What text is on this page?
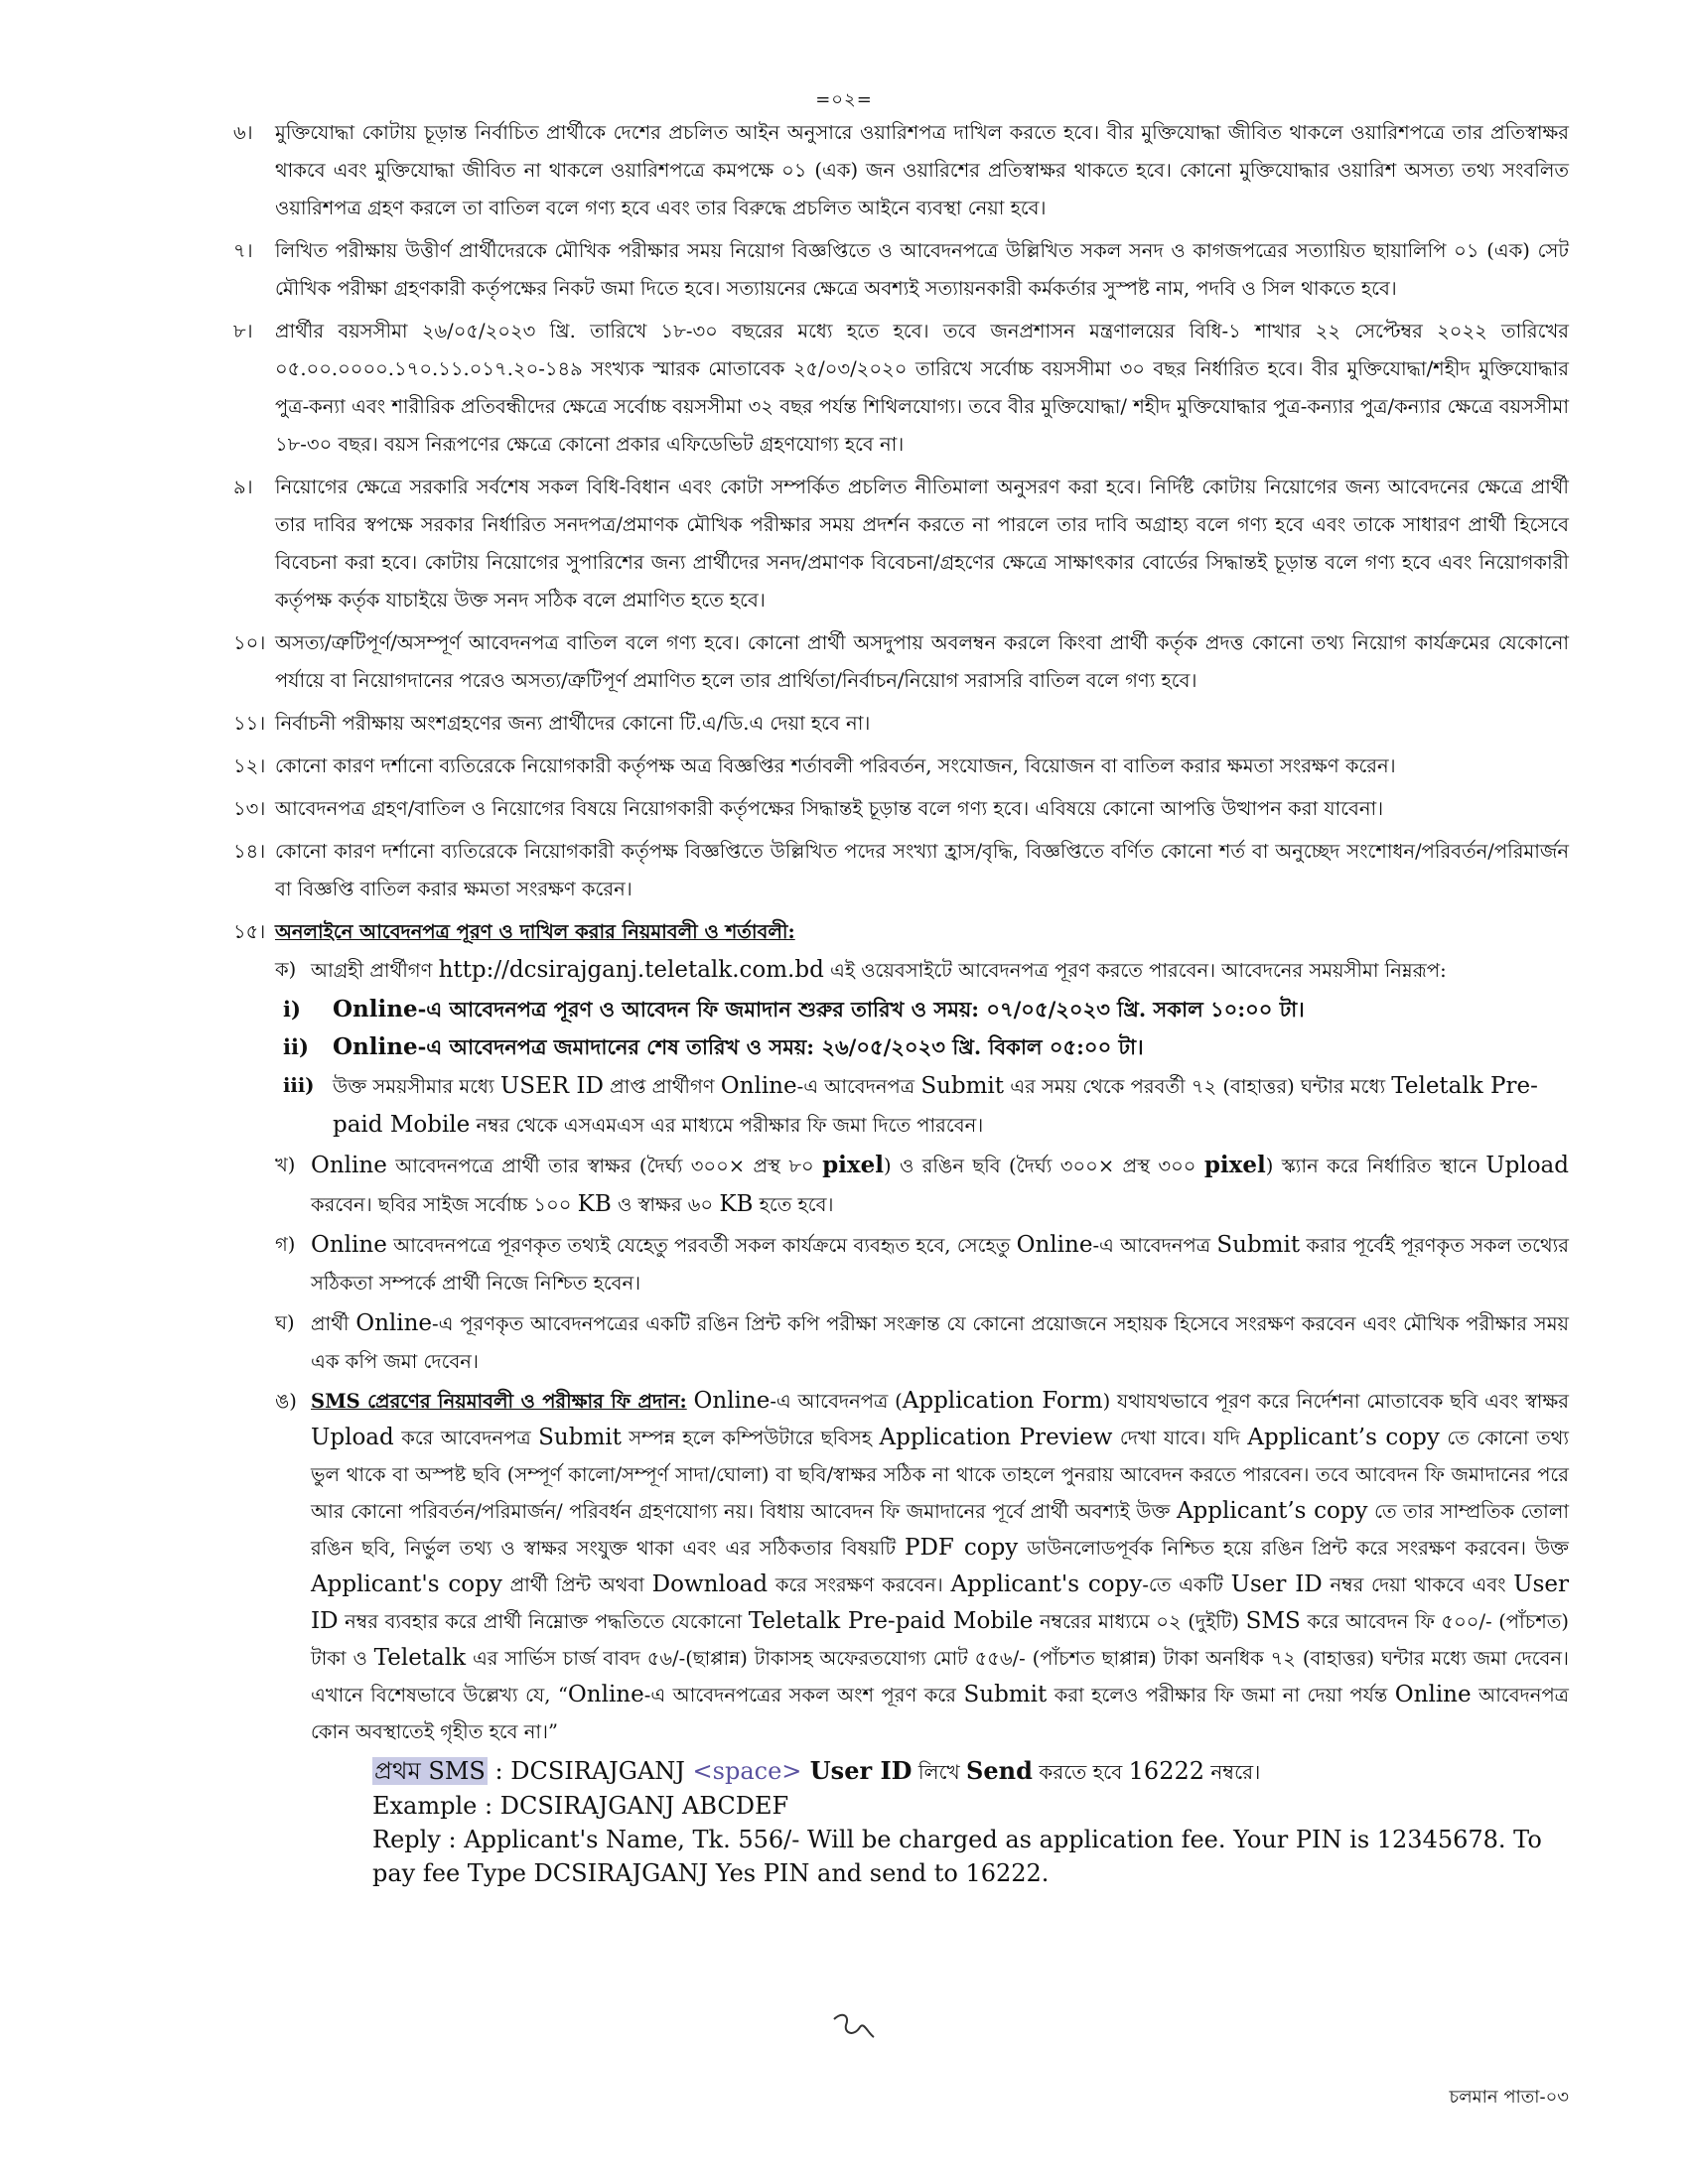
=০২=
৬। মুক্তিযোদ্ধা কোটায় চূড়ান্ত নির্বাচিত প্রার্থীকে দেশের প্রচলিত আইন অনুসারে ওয়ারিশপত্র দাখিল করতে হবে। বীর মুক্তিযোদ্ধা জীবিত থাকলে ওয়ারিশপত্রে তার প্রতিস্বাক্ষর থাকবে এবং মুক্তিযোদ্ধা জীবিত না থাকলে ওয়ারিশপত্রে কমপক্ষে ০১ (এক) জন ওয়ারিশের প্রতিস্বাক্ষর থাকতে হবে। কোনো মুক্তিযোদ্ধার ওয়ারিশ অসত্য তথ্য সংবলিত ওয়ারিশপত্র গ্রহণ করলে তা বাতিল বলে গণ্য হবে এবং তার বিরুদ্ধে প্রচলিত আইনে ব্যবস্থা নেয়া হবে।
৭। লিখিত পরীক্ষায় উত্তীর্ণ প্রার্থীদেরকে মৌখিক পরীক্ষার সময় নিয়োগ বিজ্ঞপ্তিতে ও আবেদনপত্রে উল্লিখিত সকল সনদ ও কাগজপত্রের সত্যায়িত ছায়ালিপি ০১ (এক) সেট মৌখিক পরীক্ষা গ্রহণকারী কর্তৃপক্ষের নিকট জমা দিতে হবে। সত্যায়নের ক্ষেত্রে অবশ্যই সত্যায়নকারী কর্মকর্তার সুস্পষ্ট নাম, পদবি ও সিল থাকতে হবে।
৮। প্রার্থীর বয়সসীমা ২৬/০৫/২০২৩ খ্রি. তারিখে ১৮-৩০ বছরের মধ্যে হতে হবে। তবে জনপ্রশাসন মন্ত্রণালয়ের বিধি-১ শাখার ২২ সেপ্টেম্বর ২০২২ তারিখের ০৫.০০.০০০০.১৭০.১১.০১৭.২০-১৪৯ সংখ্যক স্মারক মোতাবেক ২৫/০৩/২০২০ তারিখে সর্বোচ্চ বয়সসীমা ৩০ বছর নির্ধারিত হবে। বীর মুক্তিযোদ্ধা/শহীদ মুক্তিযোদ্ধার পুত্র-কন্যা এবং শারীরিক প্রতিবন্ধীদের ক্ষেত্রে সর্বোচ্চ বয়সসীমা ৩২ বছর পর্যন্ত শিথিলযোগ্য। তবে বীর মুক্তিযোদ্ধা/ শহীদ মুক্তিযোদ্ধার পুত্র-কন্যার পুত্র/কন্যার ক্ষেত্রে বয়সসীমা ১৮-৩০ বছর। বয়স নিরূপণের ক্ষেত্রে কোনো প্রকার এফিডেভিট গ্রহণযোগ্য হবে না।
৯। নিয়োগের ক্ষেত্রে সরকারি সর্বশেষ সকল বিধি-বিধান এবং কোটা সম্পর্কিত প্রচলিত নীতিমালা অনুসরণ করা হবে। নির্দিষ্ট কোটায় নিয়োগের জন্য আবেদনের ক্ষেত্রে প্রার্থী তার দাবির স্বপক্ষে সরকার নির্ধারিত সনদপত্র/প্রমাণক মৌখিক পরীক্ষার সময় প্রদর্শন করতে না পারলে তার দাবি অগ্রাহ্য বলে গণ্য হবে এবং তাকে সাধারণ প্রার্থী হিসেবে বিবেচনা করা হবে। কোটায় নিয়োগের সুপারিশের জন্য প্রার্থীদের সনদ/প্রমাণক বিবেচনা/গ্রহণের ক্ষেত্রে সাক্ষাৎকার বোর্ডের সিদ্ধান্তই চূড়ান্ত বলে গণ্য হবে এবং নিয়োগকারী কর্তৃপক্ষ কর্তৃক যাচাইয়ে উক্ত সনদ সঠিক বলে প্রমাণিত হতে হবে।
১০। অসত্য/ত্রুটিপূর্ণ/অসম্পূর্ণ আবেদনপত্র বাতিল বলে গণ্য হবে। কোনো প্রার্থী অসদুপায় অবলম্বন করলে কিংবা প্রার্থী কর্তৃক প্রদত্ত কোনো তথ্য নিয়োগ কার্যক্রমের যেকোনো পর্যায়ে বা নিয়োগদানের পরেও অসত্য/ত্রুটিপূর্ণ প্রমাণিত হলে তার প্রার্থিতা/নির্বাচন/নিয়োগ সরাসরি বাতিল বলে গণ্য হবে।
১১। নির্বাচনী পরীক্ষায় অংশগ্রহণের জন্য প্রার্থীদের কোনো টি.এ/ডি.এ দেয়া হবে না।
১২। কোনো কারণ দর্শানো ব্যতিরেকে নিয়োগকারী কর্তৃপক্ষ অত্র বিজ্ঞপ্তির শর্তাবলী পরিবর্তন, সংযোজন, বিয়োজন বা বাতিল করার ক্ষমতা সংরক্ষণ করেন।
১৩। আবেদনপত্র গ্রহণ/বাতিল ও নিয়োগের বিষয়ে নিয়োগকারী কর্তৃপক্ষের সিদ্ধান্তই চূড়ান্ত বলে গণ্য হবে। এবিষয়ে কোনো আপত্তি উত্থাপন করা যাবেনা।
১৪। কোনো কারণ দর্শানো ব্যতিরেকে নিয়োগকারী কর্তৃপক্ষ বিজ্ঞপ্তিতে উল্লিখিত পদের সংখ্যা হ্রাস/বৃদ্ধি, বিজ্ঞপ্তিতে বর্ণিত কোনো শর্ত বা অনুচ্ছেদ সংশোধন/পরিবর্তন/পরিমার্জন বা বিজ্ঞপ্তি বাতিল করার ক্ষমতা সংরক্ষণ করেন।
১৫। অনলাইনে আবেদনপত্র পূরণ ও দাখিল করার নিয়মাবলী ও শর্তাবলী:
ক) আগ্রহী প্রার্থীগণ http://dcsirajganj.teletalk.com.bd এই ওয়েবসাইটে আবেদনপত্র পূরণ করতে পারবেন। আবেদনের সময়সীমা নিম্নরূপ:
i) Online-এ আবেদনপত্র পূরণ ও আবেদন ফি জমাদান শুরুর তারিখ ও সময়: ০৭/০৫/২০২৩ খ্রি. সকাল ১০:০০ টা।
ii) Online-এ আবেদনপত্র জমাদানের শেষ তারিখ ও সময়: ২৬/০৫/২০২৩ খ্রি. বিকাল ০৫:০০ টা।
iii) উক্ত সময়সীমার মধ্যে USER ID প্রাপ্ত প্রার্থীগণ Online-এ আবেদনপত্র Submit এর সময় থেকে পরবর্তী ৭২ (বাহাত্তর) ঘন্টার মধ্যে Teletalk Pre-paid Mobile নম্বর থেকে এসএমএস এর মাধ্যমে পরীক্ষার ফি জমা দিতে পারবেন।
খ) Online আবেদনপত্রে প্রার্থী তার স্বাক্ষর (দৈর্ঘ্য ৩০০× প্রস্থ ৮০ pixel) ও রঙিন ছবি (দৈর্ঘ্য ৩০০× প্রস্থ ৩০০ pixel) স্ক্যান করে নির্ধারিত স্থানে Upload করবেন। ছবির সাইজ সর্বোচ্চ ১০০ KB ও স্বাক্ষর ৬০ KB হতে হবে।
গ) Online আবেদনপত্রে পূরণকৃত তথ্যই যেহেতু পরবর্তী সকল কার্যক্রমে ব্যবহৃত হবে, সেহেতু Online-এ আবেদনপত্র Submit করার পূর্বেই পূরণকৃত সকল তথ্যের সঠিকতা সম্পর্কে প্রার্থী নিজে নিশ্চিত হবেন।
ঘ) প্রার্থী Online-এ পূরণকৃত আবেদনপত্রের একটি রঙিন প্রিন্ট কপি পরীক্ষা সংক্রান্ত যে কোনো প্রয়োজনে সহায়ক হিসেবে সংরক্ষণ করবেন এবং মৌখিক পরীক্ষার সময় এক কপি জমা দেবেন।
ঙ) SMS প্রেরণের নিয়মাবলী ও পরীক্ষার ফি প্রদান: Online-এ আবেদনপত্র (Application Form) যথাযথভাবে পূরণ করে নির্দেশনা মোতাবেক ছবি এবং স্বাক্ষর Upload করে আবেদনপত্র Submit সম্পন্ন হলে কম্পিউটারে ছবিসহ Application Preview দেখা যাবে। যদি Applicant’s copy তে কোনো তথ্য ভুল থাকে বা অস্পষ্ট ছবি (সম্পূর্ণ কালো/সম্পূর্ণ সাদা/ঘোলা) বা ছবি/স্বাক্ষর সঠিক না থাকে তাহলে পুনরায় আবেদন করতে পারবেন। তবে আবেদন ফি জমাদানের পরে আর কোনো পরিবর্তন/পরিমার্জন/ পরিবর্ধন গ্রহণযোগ্য নয়। বিধায় আবেদন ফি জমাদানের পূর্বে প্রার্থী অবশ্যই উক্ত Applicant’s copy তে তার সাম্প্রতিক তোলা রঙিন ছবি, নির্ভুল তথ্য ও স্বাক্ষর সংযুক্ত থাকা এবং এর সঠিকতার বিষয়টি PDF copy ডাউনলোডপূর্বক নিশ্চিত হয়ে রঙিন প্রিন্ট করে সংরক্ষণ করবেন। উক্ত Applicant's copy প্রার্থী প্রিন্ট অথবা Download করে সংরক্ষণ করবেন। Applicant's copy-তে একটি User ID নম্বর দেয়া থাকবে এবং User ID নম্বর ব্যবহার করে প্রার্থী নিম্নোক্ত পদ্ধতিতে যেকোনো Teletalk Pre-paid Mobile নম্বরের মাধ্যমে ০২ (দুইটি) SMS করে আবেদন ফি ৫০০/- (পাঁচশত) টাকা ও Teletalk এর সার্ভিস চার্জ বাবদ ৫৬/-(ছাপ্পান্ন) টাকাসহ অফেরতযোগ্য মোট ৫৫৬/- (পাঁচশত ছাপ্পান্ন) টাকা অনধিক ৭২ (বাহাত্তর) ঘন্টার মধ্যে জমা দেবেন। এখানে বিশেষভাবে উল্লেখ্য যে, “Online-এ আবেদনপত্রের সকল অংশ পূরণ করে Submit করা হলেও পরীক্ষার ফি জমা না দেয়া পর্যন্ত Online আবেদনপত্র কোন অবস্থাতেই গৃহীত হবে না।”
প্রথম SMS : DCSIRAJGANJ <space> User ID লিখে Send করতে হবে 16222 নম্বরে।
Example : DCSIRAJGANJ ABCDEF
Reply : Applicant's Name, Tk. 556/- Will be charged as application fee. Your PIN is 12345678. To pay fee Type DCSIRAJGANJ Yes PIN and send to 16222.
চলমান পাতা-০৩
